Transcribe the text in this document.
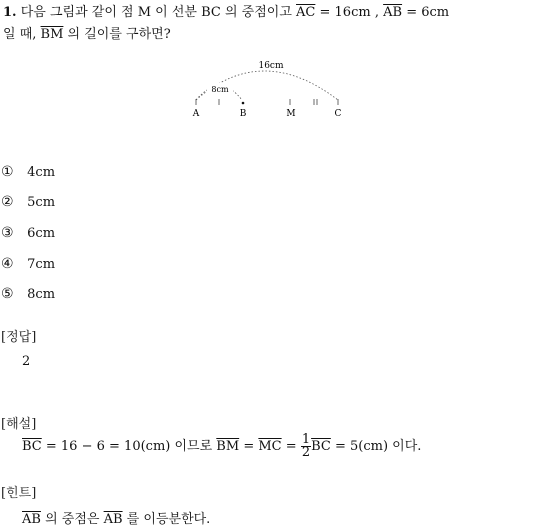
1. 다음 그림과 같이 점 M 이 선분 BC 의 중점이고 $\overline{AC} = 16cm$ , $\overline{AB} = 6cm$
일 때, $\overline{BM}$ 의 길이를 구하면?
16cm
8cm
A	B	M	C
① 4cm
② 5cm
③ 6cm
④ 7cm
⑤ 8cm
[정답]
2
[해설]
$\overline{BC} = 16 - 6 = 10(cm)$ 이므로 $\overline{BM} = \overline{MC} = \frac{1}{2} \overline{BC} = 5(cm)$ 이다.
[힌트]
$\overline{AB}$ 의 중점은 $\overline{AB}$ 를 이등분한다.
